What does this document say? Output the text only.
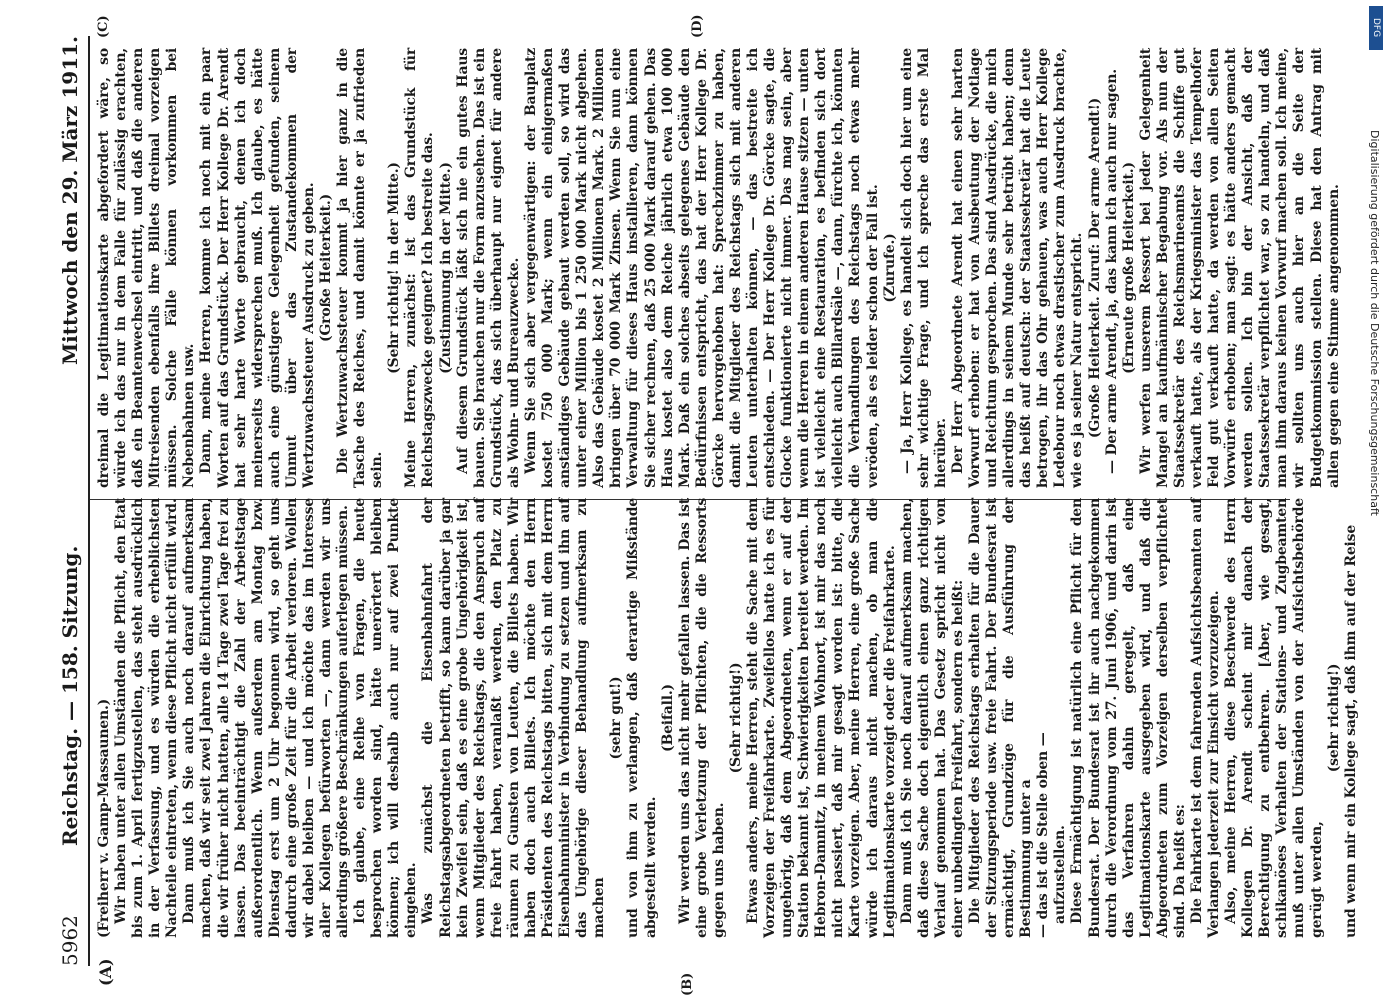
5962
Reichstag. — 158. Sitzung.
Mittwoch den 29. März 1911.
(A)	(B)
(C)	(D)

(Freiherr v. Gamp-Massaunen.) Wir haben unter allen Umständen die Pflicht, den Etat bis zum 1. April fertigzustellen, das steht ausdrücklich in der Verfassung, und es würden die erheblichsten Nachteile eintreten, wenn diese Pflicht nicht erfüllt wird. Dann muß ich Sie auch noch darauf aufmerksam machen, daß wir seit zwei Jahren die Einrichtung haben, die wir früher nicht hatten, alle 14 Tage zwei Tage frei zu lassen. Das beeinträchtigt die Zahl der Arbeitstage außerordentlich. Wenn außerdem am Montag bzw. Dienstag erst um 2 Uhr begonnen wird, so geht uns dadurch eine große Zeit für die Arbeit verloren. Wollen wir dabei bleiben — und ich möchte das im Interesse aller Kollegen befürworten —, dann werden wir uns allerdings größere Beschränkungen auferlegen müssen. Ich glaube, eine Reihe von Fragen, die heute besprochen worden sind, hätte unerörtert bleiben können; ich will deshalb auch nur auf zwei Punkte eingehen. Was zunächst die Eisenbahnfahrt der Reichstagsabgeordneten betrifft, so kann darüber ja gar kein Zweifel sein, daß es eine grobe Ungehörigkeit ist, wenn Mitglieder des Reichstags, die den Anspruch auf freie Fahrt haben, veranlaßt werden, den Platz zu räumen zu Gunsten von Leuten, die Billets haben. Wir haben doch auch Billets. Ich möchte den Herrn Präsidenten des Reichstags bitten, sich mit dem Herrn Eisenbahnminister in Verbindung zu setzen und ihn auf das Ungehörige dieser Behandlung aufmerksam zu machen

(sehr gut!) und von ihm zu verlangen, daß derartige Mißstände abgestellt werden.

(Beifall.) Wir werden uns das nicht mehr gefallen lassen. Das ist eine grobe Verletzung der Pflichten, die die Ressorts gegen uns haben.

(Sehr richtig!) Etwas anders, meine Herren, steht die Sache mit dem Vorzeigen der Freifahrkarte. Zweifellos hatte ich es für ungehörig, daß dem Abgeordneten, wenn er auf der Station bekannt ist, Schwierigkeiten bereitet werden. Im Hebron-Damnitz, in meinem Wohnort, ist mir das noch nicht passiert, daß mir gesagt worden ist: bitte, die Karte vorzeigen. Aber, meine Herren, eine große Sache würde ich daraus nicht machen, ob man die Legitimationskarte vorzeigt oder die Freifahrkarte. Dann muß ich Sie noch darauf aufmerksam machen, daß diese Sache doch eigentlich einen ganz richtigen Verlauf genommen hat. Das Gesetz spricht nicht von einer unbedingten Freifahrt, sondern es heißt: Die Mitglieder des Reichstags erhalten für die Dauer der Sitzungsperiode usw. freie Fahrt. Der Bundesrat ist ermächtigt, Grundzüge für die Ausführung der Bestimmung unter a — das ist die Stelle oben — aufzustellen. Diese Ermächtigung ist natürlich eine Pflicht für den Bundesrat. Der Bundesrat ist ihr auch nachgekommen durch die Verordnung vom 27. Juni 1906, und darin ist das Verfahren dahin geregelt, daß eine Legitimationskarte ausgegeben wird, und daß die Abgeordneten zum Vorzeigen derselben verpflichtet sind. Da heißt es: Die Fahrkarte ist dem fahrenden Aufsichtsbeamten auf Verlangen jederzeit zur Einsicht vorzuzeigen. Also, meine Herren, diese Beschwerde des Herrn Kollegen Dr. Arendt scheint mir danach der Berechtigung zu entbehren. [Aber, wie gesagt, schikanöses Verhalten der Stations- und Zugbeamten muß unter allen Umständen von der Aufsichtsbehörde gerügt werden,

(sehr richtig!) und wenn mir ein Kollege sagt, daß ihm auf der Reise

dreimal die Legitimationskarte abgefordert wäre, so würde ich das nur in dem Falle für zulässig erachten, daß ein Beamtenwechsel eintritt, und daß die anderen Mitreisenden ebenfalls ihre Billets dreimal vorzeigen müssen. Solche Fälle können vorkommen bei Nebenbahnen usw. Dann, meine Herren, komme ich noch mit ein paar Worten auf das Grundstück. Der Herr Kollege Dr. Arendt hat sehr harte Worte gebraucht, denen ich doch meinerseits widersprechen muß. Ich glaube, es hätte auch eine günstigere Gelegenheit gefunden, seinem Unmut über das Zustandekommen der Wertzuwachssteuer Ausdruck zu geben. (Große Heiterkeit.) Die Wertzuwachssteuer kommt ja hier ganz in die Tasche des Reiches, und damit könnte er ja zufrieden sein.

(Sehr richtig! in der Mitte.) Meine Herren, zunächst: ist das Grundstück für Reichstagszwecke geeignet? Ich bestreite das. (Zustimmung in der Mitte.) Auf diesem Grundstück läßt sich nie ein gutes Haus bauen. Sie brauchen nur die Form anzusehen. Das ist ein Grundstück, das sich überhaupt nur eignet für andere als Wohn- und Bureauzwecke. Wenn Sie sich aber vergegenwärtigen: der Bauplatz kostet 750 000 Mark; wenn ein einigermaßen anständiges Gebäude gebaut werden soll, so wird das unter einer Million bis 1 250 000 Mark nicht abgehen. Also das Gebäude kostet 2 Millionen Mark. 2 Millionen bringen über 70 000 Mark Zinsen. Wenn Sie nun eine Verwaltung für dieses Haus installieren, dann können Sie sicher rechnen, daß 25 000 Mark darauf gehen. Das Haus kostet also dem Reiche jährlich etwa 100 000 Mark. Daß ein solches abseits gelegenes Gebäude den Bedürfnissen entspricht, das hat der Herr Kollege Dr. Görcke hervorgehoben hat: Sprechzimmer zu haben, damit die Mitglieder des Reichstags sich mit anderen Leuten unterhalten können, — das bestreite ich entschieden. — Der Herr Kollege Dr. Görcke sagte, die Glocke funktionierte nicht immer. Das mag sein, aber wenn die Herren in einem anderen Hause sitzen — unten ist vielleicht eine Restauration, es befinden sich dort vielleicht auch Billardsäle —, dann, fürchte ich, könnten die Verhandlungen des Reichstags noch etwas mehr veröden, als es leider schon der Fall ist. (Zurufe.) — Ja, Herr Kollege, es handelt sich doch hier um eine sehr wichtige Frage, und ich spreche das erste Mal hierüber. Der Herr Abgeordnete Arendt hat einen sehr harten Vorwurf erhoben: er hat von Ausbeutung der Notlage und Reichtum gesprochen. Das sind Ausdrücke, die mich allerdings in seinem Munde sehr betrübt haben; denn das heißt auf deutsch: der Staatssekretär hat die Leute betrogen, ihr das Ohr gehauen, was auch Herr Kollege Ledebour noch etwas drastischer zum Ausdruck brachte, wie es ja seiner Natur entspricht. (Große Heiterkeit. Zuruf: Der arme Arendt!) — Der arme Arendt, ja, das kann ich auch nur sagen. (Erneute große Heiterkeit.) Wir werfen unserem Ressort bei jeder Gelegenheit Mangel an kaufmännischer Begabung vor. Als nun der Staatssekretär des Reichsmarineamts die Schiffe gut verkauft hatte, als der Kriegsminister das Tempelhofer Feld gut verkauft hatte, da werden von allen Seiten Vorwürfe erhoben; man sagt: es hätte anders gemacht werden sollen. Ich bin der Ansicht, daß der Staatssekretär verpflichtet war, so zu handeln, und daß man ihm daraus keinen Vorwurf machen soll. Ich meine, wir sollten uns auch hier an die Seite der Budgetkommission stellen. Diese hat den Antrag mit allen gegen eine Stimme angenommen.

DFG
Digitalisierung gefördert durch die Deutsche Forschungsgemeinschaft
